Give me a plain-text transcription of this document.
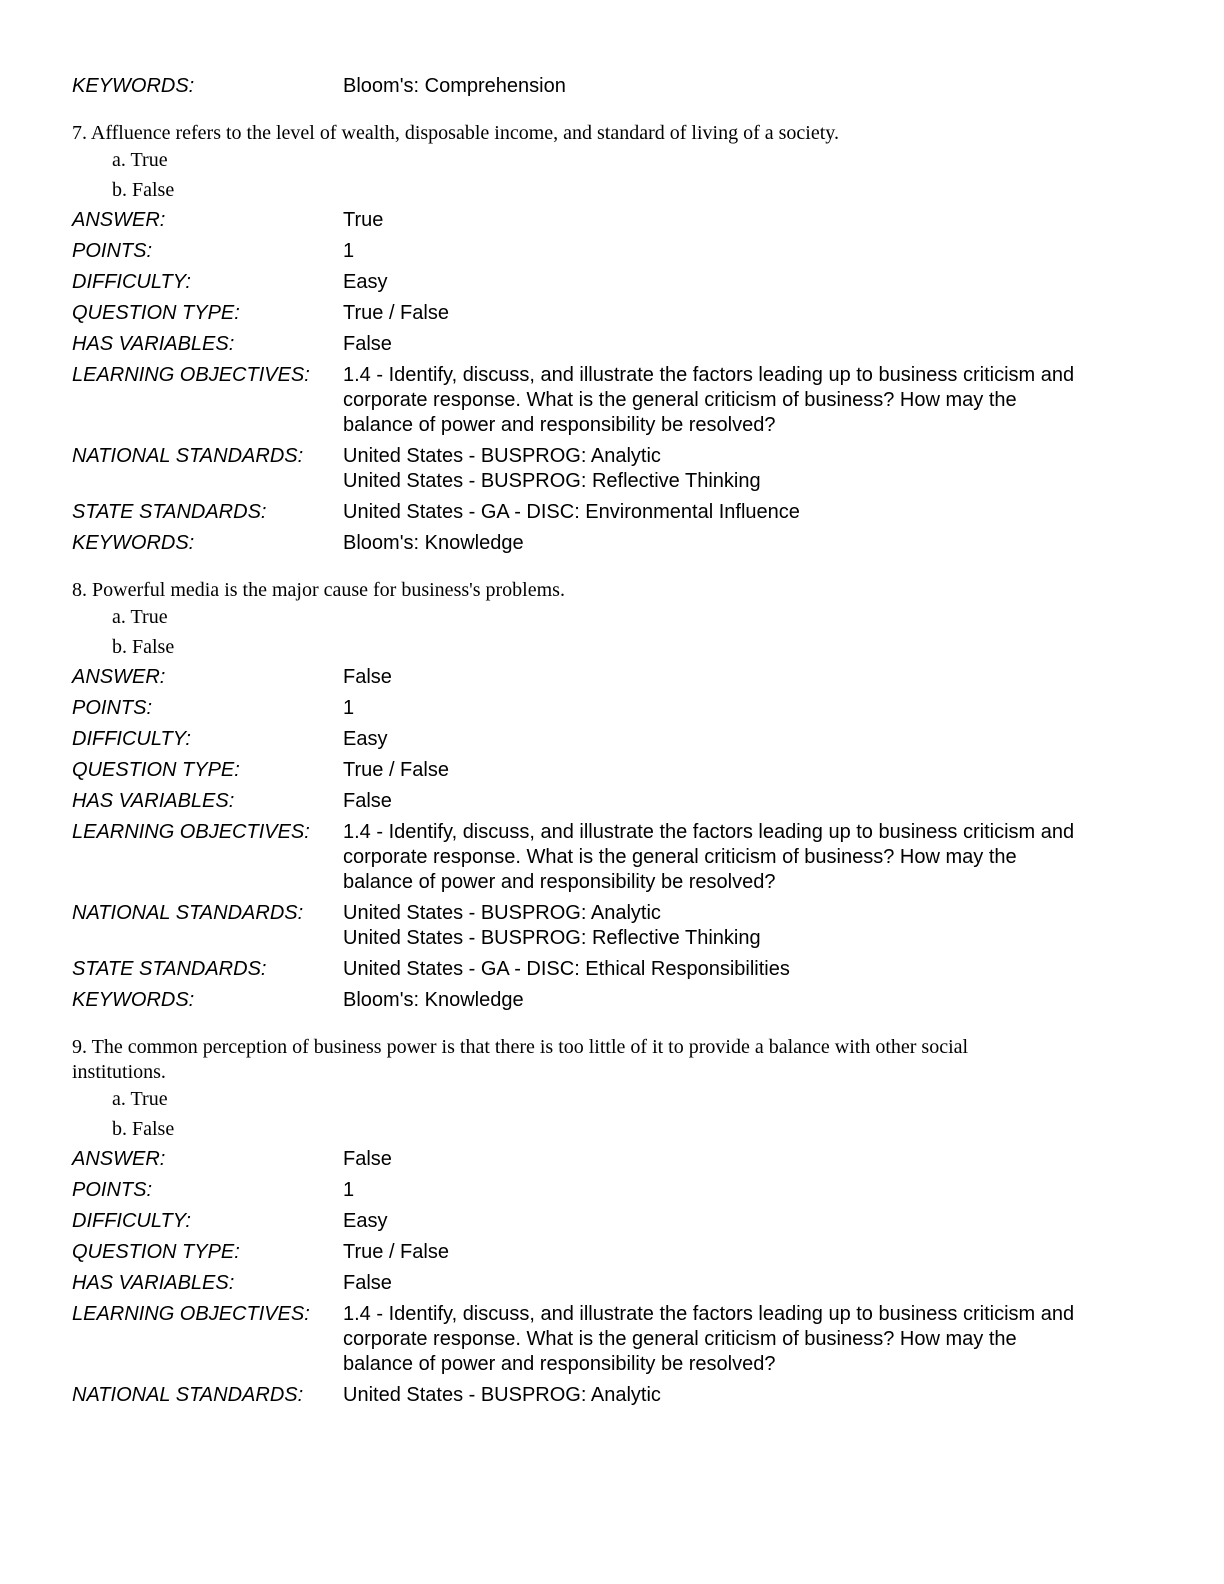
KEYWORDS:	Bloom's: Comprehension
7. Affluence refers to the level of wealth, disposable income, and standard of living of a society.
a. True
b. False
ANSWER:	True
POINTS:	1
DIFFICULTY:	Easy
QUESTION TYPE:	True / False
HAS VARIABLES:	False
LEARNING OBJECTIVES:	1.4 - Identify, discuss, and illustrate the factors leading up to business criticism and
corporate response. What is the general criticism of business? How may the
balance of power and responsibility be resolved?
NATIONAL STANDARDS:	United States - BUSPROG: Analytic
United States - BUSPROG: Reflective Thinking
STATE STANDARDS:	United States - GA - DISC: Environmental Influence
KEYWORDS:	Bloom's: Knowledge
8. Powerful media is the major cause for business's problems.
a. True
b. False
ANSWER:	False
POINTS:	1
DIFFICULTY:	Easy
QUESTION TYPE:	True / False
HAS VARIABLES:	False
LEARNING OBJECTIVES:	1.4 - Identify, discuss, and illustrate the factors leading up to business criticism and
corporate response. What is the general criticism of business? How may the
balance of power and responsibility be resolved?
NATIONAL STANDARDS:	United States - BUSPROG: Analytic
United States - BUSPROG: Reflective Thinking
STATE STANDARDS:	United States - GA - DISC: Ethical Responsibilities
KEYWORDS:	Bloom's: Knowledge
9. The common perception of business power is that there is too little of it to provide a balance with other social
institutions.
a. True
b. False
ANSWER:	False
POINTS:	1
DIFFICULTY:	Easy
QUESTION TYPE:	True / False
HAS VARIABLES:	False
LEARNING OBJECTIVES:	1.4 - Identify, discuss, and illustrate the factors leading up to business criticism and
corporate response. What is the general criticism of business? How may the
balance of power and responsibility be resolved?
NATIONAL STANDARDS:	United States - BUSPROG: Analytic
